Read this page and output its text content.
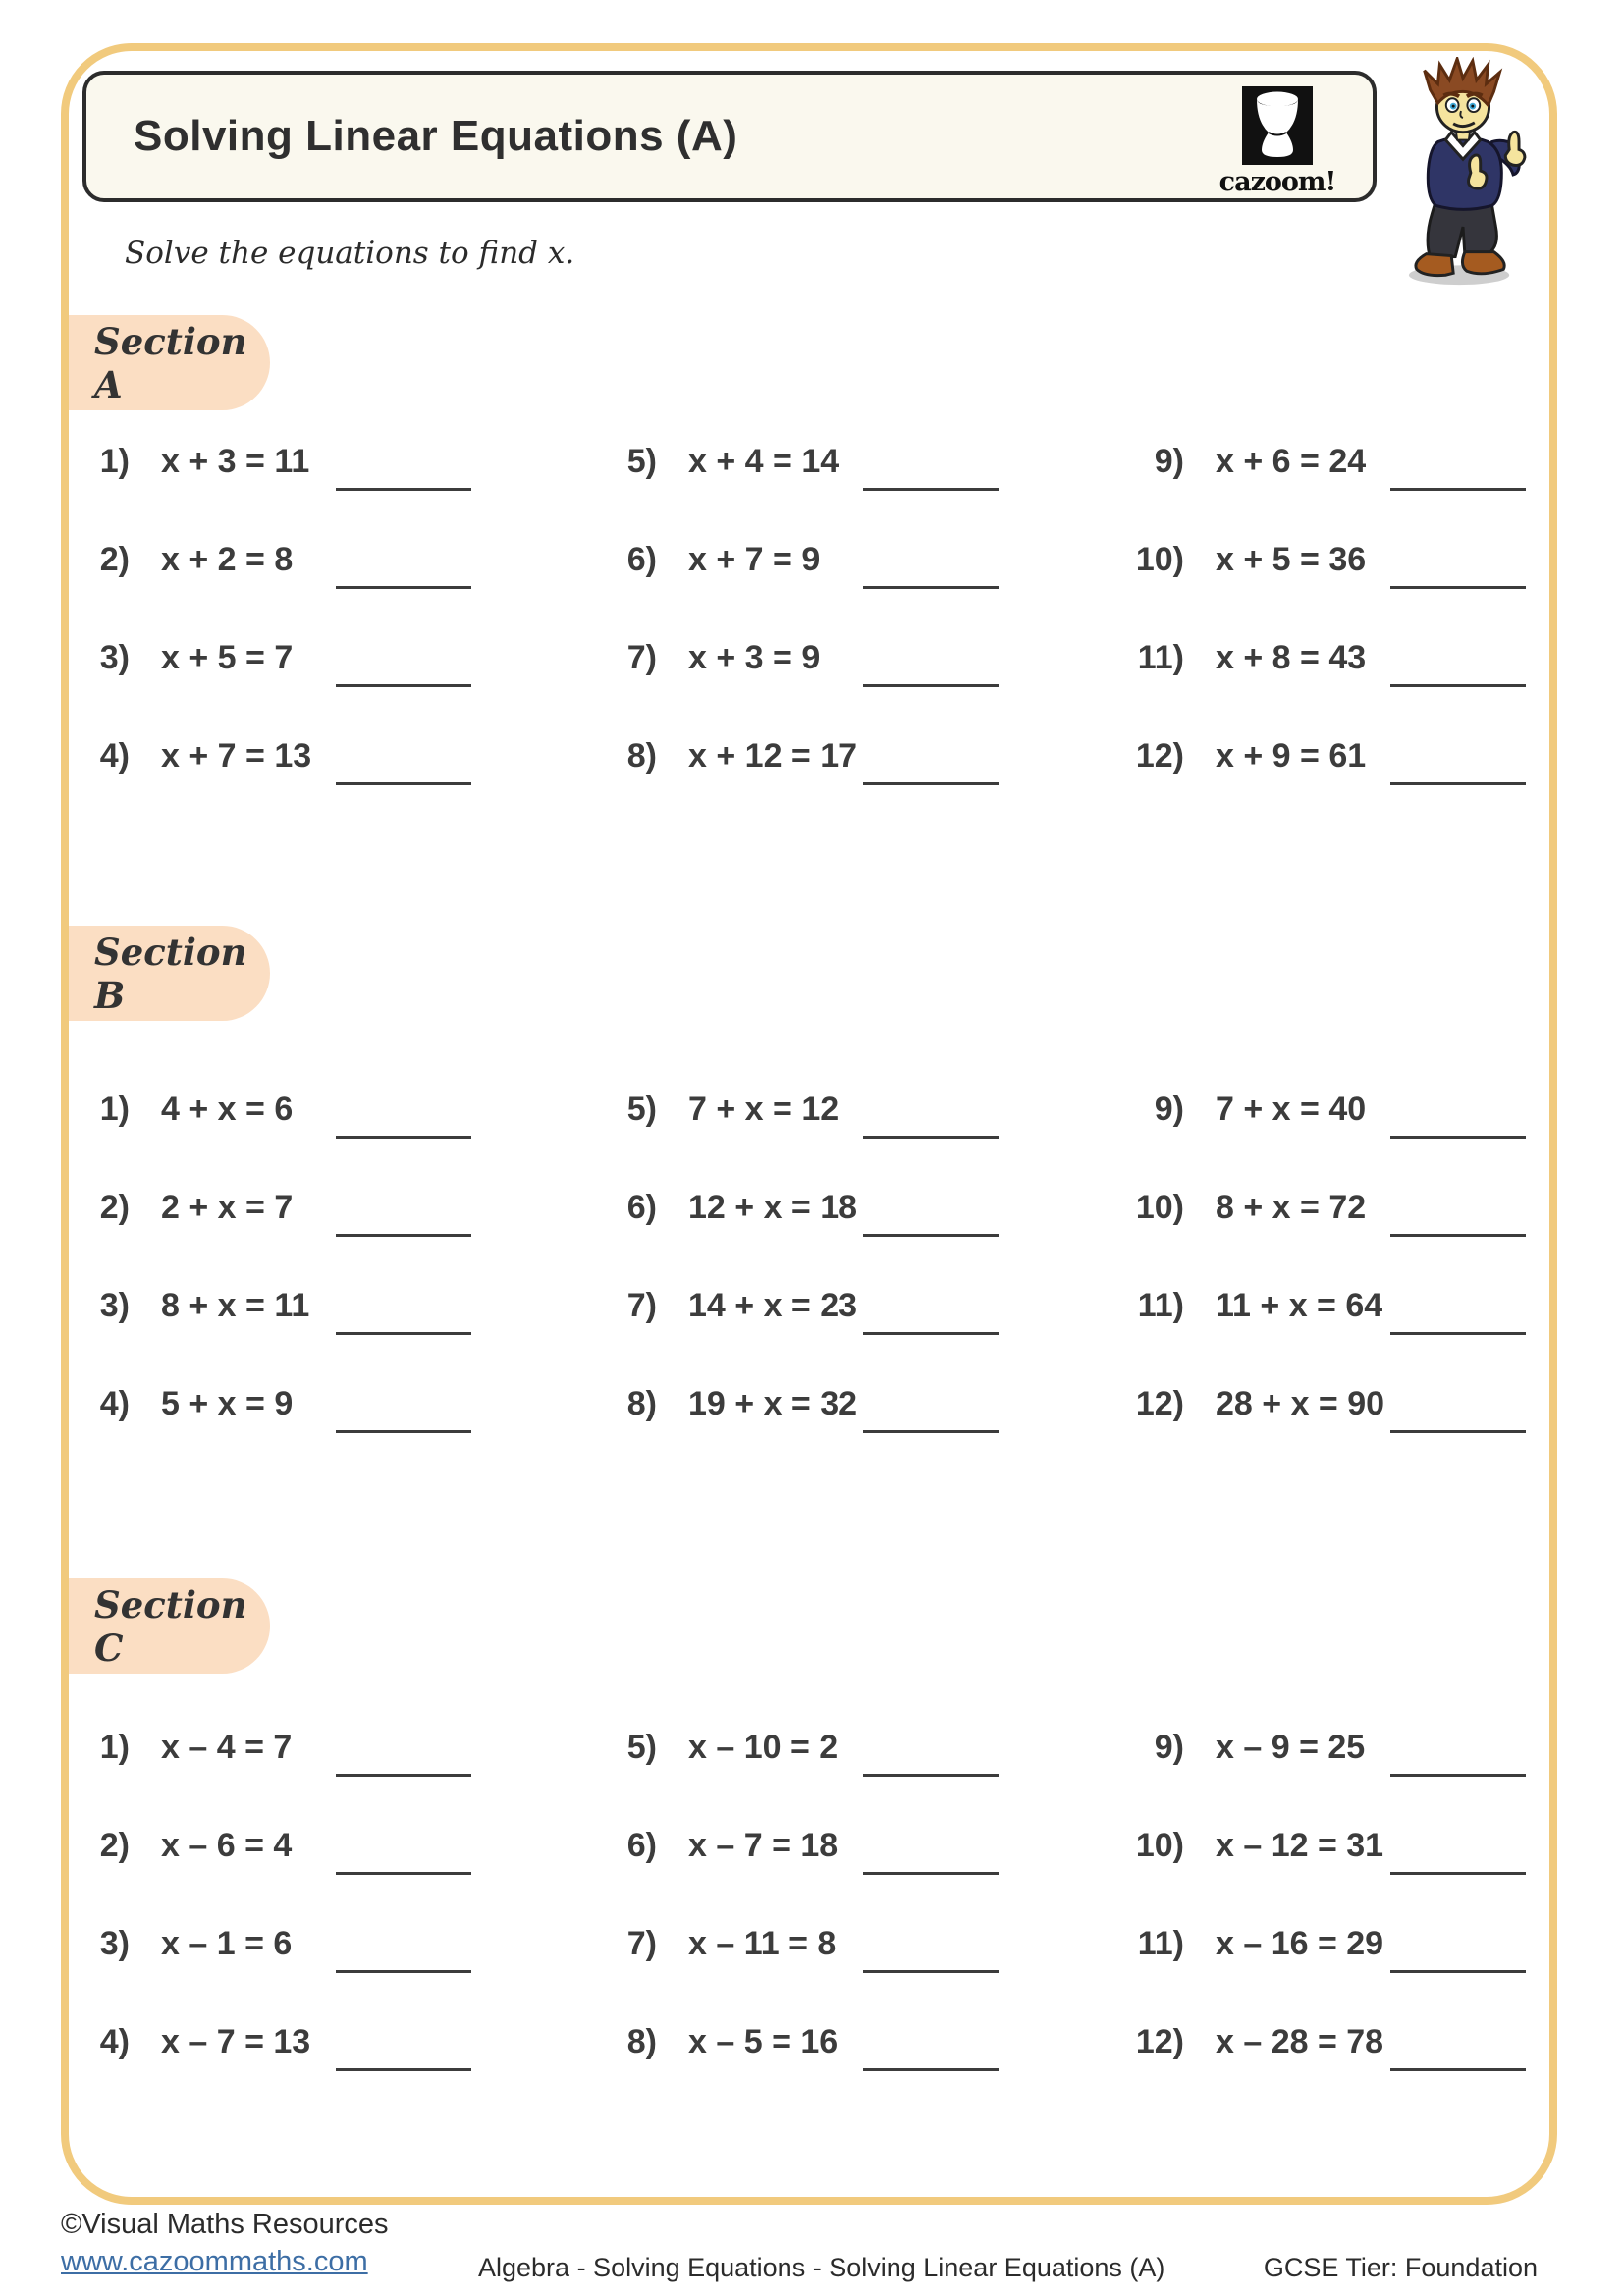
Solving Linear Equations (A)
cazoom!
Solve the equations to find x.
Section A
1) x + 3 = 11
2) x + 2 = 8
3) x + 5 = 7
4) x + 7 = 13
5) x + 4 = 14
6) x + 7 = 9
7) x + 3 = 9
8) x + 12 = 17
9) x + 6 = 24
10) x + 5 = 36
11) x + 8 = 43
12) x + 9 = 61
Section B
1) 4 + x = 6
2) 2 + x = 7
3) 8 + x = 11
4) 5 + x = 9
5) 7 + x = 12
6) 12 + x = 18
7) 14 + x = 23
8) 19 + x = 32
9) 7 + x = 40
10) 8 + x = 72
11) 11 + x = 64
12) 28 + x = 90
Section C
1) x – 4 = 7
2) x – 6 = 4
3) x – 1 = 6
4) x – 7 = 13
5) x – 10 = 2
6) x – 7 = 18
7) x – 11 = 8
8) x – 5 = 16
9) x – 9 = 25
10) x – 12 = 31
11) x – 16 = 29
12) x – 28 = 78
©Visual Maths Resources
www.cazoommaths.com	Algebra - Solving Equations - Solving Linear Equations (A)	GCSE Tier: Foundation
